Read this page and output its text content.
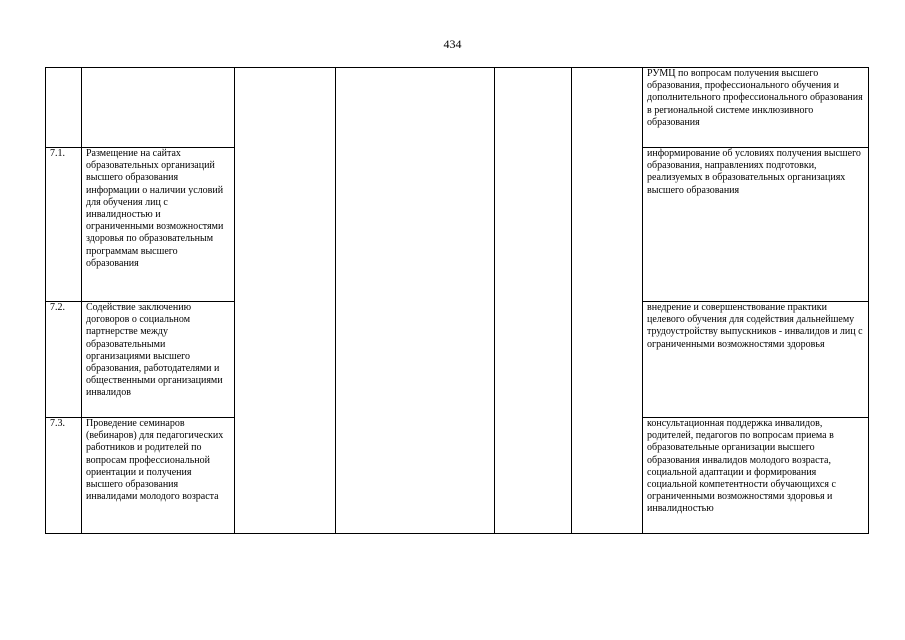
434
						РУМЦ по вопросам получения высшего образования, профессионального обучения и дополнительного профессионального образования в региональной системе инклюзивного образования
7.1.	Размещение на сайтах образовательных организаций высшего образования информации о наличии условий для обучения лиц с инвалидностью и ограниченными возможностями здоровья по образовательным программам высшего образования					информирование об условиях получения высшего образования, направлениях подготовки, реализуемых в образовательных организациях высшего образования
7.2.	Содействие заключению договоров о социальном партнерстве между образовательными организациями высшего образования, работодателями и общественными организациями инвалидов					внедрение и совершенствование практики целевого обучения для содействия дальнейшему трудоустройству выпускников - инвалидов и лиц с ограниченными возможностями здоровья
7.3.	Проведение семинаров (вебинаров) для педагогических работников и родителей по вопросам профессиональной ориентации и получения высшего образования инвалидами молодого возраста					консультационная поддержка инвалидов, родителей, педагогов по вопросам приема в образовательные организации высшего образования инвалидов молодого возраста, социальной адаптации и формирования социальной компетентности обучающихся с ограниченными возможностями здоровья и инвалидностью
